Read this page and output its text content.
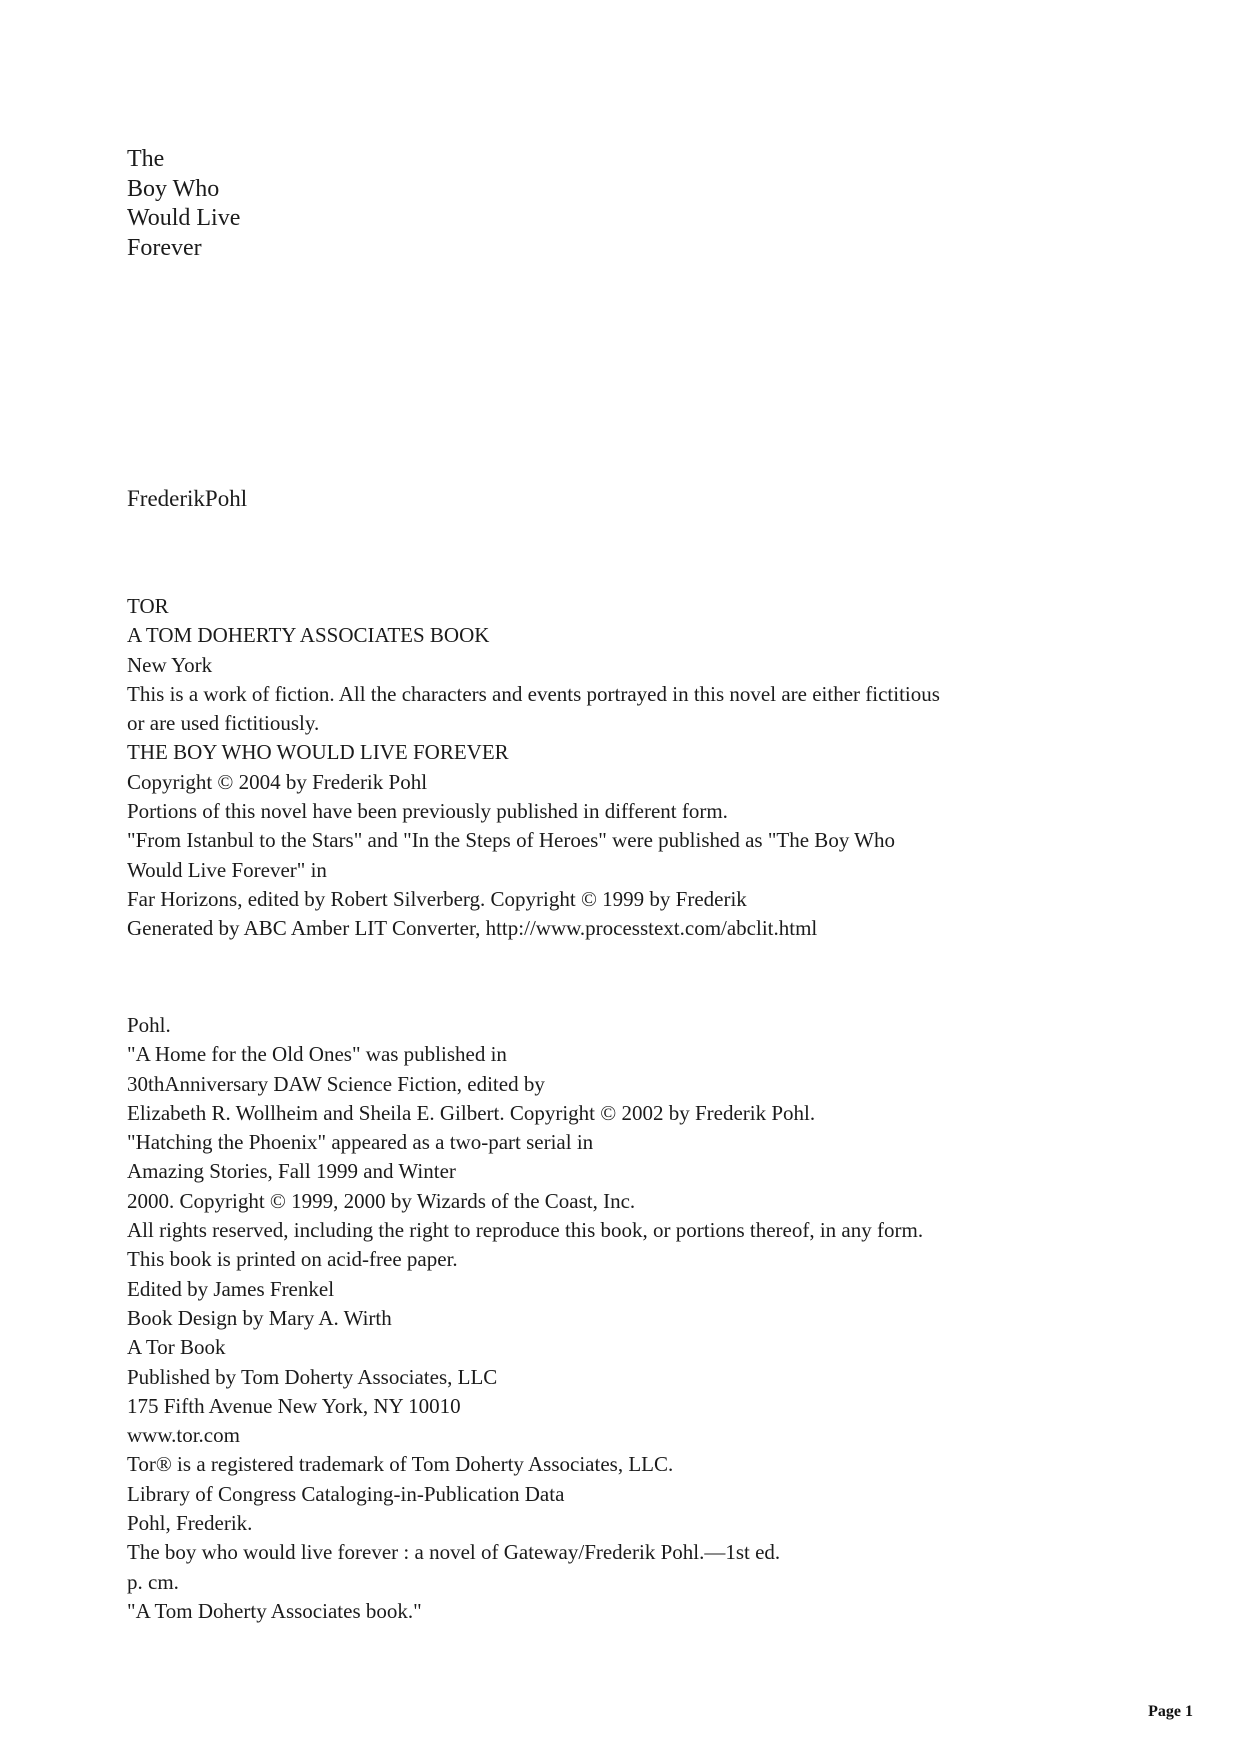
The
Boy Who
Would Live
Forever
FrederikPohl
TOR
A TOM DOHERTY ASSOCIATES BOOK
New York
This is a work of fiction. All the characters and events portrayed in this novel are either fictitious
or are used fictitiously.
THE BOY WHO WOULD LIVE FOREVER
Copyright © 2004 by Frederik Pohl
Portions of this novel have been previously published in different form.
"From Istanbul to the Stars" and "In the Steps of Heroes" were published as "The Boy Who
Would Live Forever" in
Far Horizons, edited by Robert Silverberg. Copyright © 1999 by Frederik
Generated by ABC Amber LIT Converter, http://www.processtext.com/abclit.html
Pohl.
"A Home for the Old Ones" was published in
30thAnniversary DAW Science Fiction, edited by
Elizabeth R. Wollheim and Sheila E. Gilbert. Copyright © 2002 by Frederik Pohl.
"Hatching the Phoenix" appeared as a two-part serial in
Amazing Stories, Fall 1999 and Winter
2000. Copyright © 1999, 2000 by Wizards of the Coast, Inc.
All rights reserved, including the right to reproduce this book, or portions thereof, in any form.
This book is printed on acid-free paper.
Edited by James Frenkel
Book Design by Mary A. Wirth
A Tor Book
Published by Tom Doherty Associates, LLC
175 Fifth Avenue New York, NY 10010
www.tor.com
Tor® is a registered trademark of Tom Doherty Associates, LLC.
Library of Congress Cataloging-in-Publication Data
Pohl, Frederik.
The boy who would live forever : a novel of Gateway/Frederik Pohl.—1st ed.
p. cm.
"A Tom Doherty Associates book."
Page 1
